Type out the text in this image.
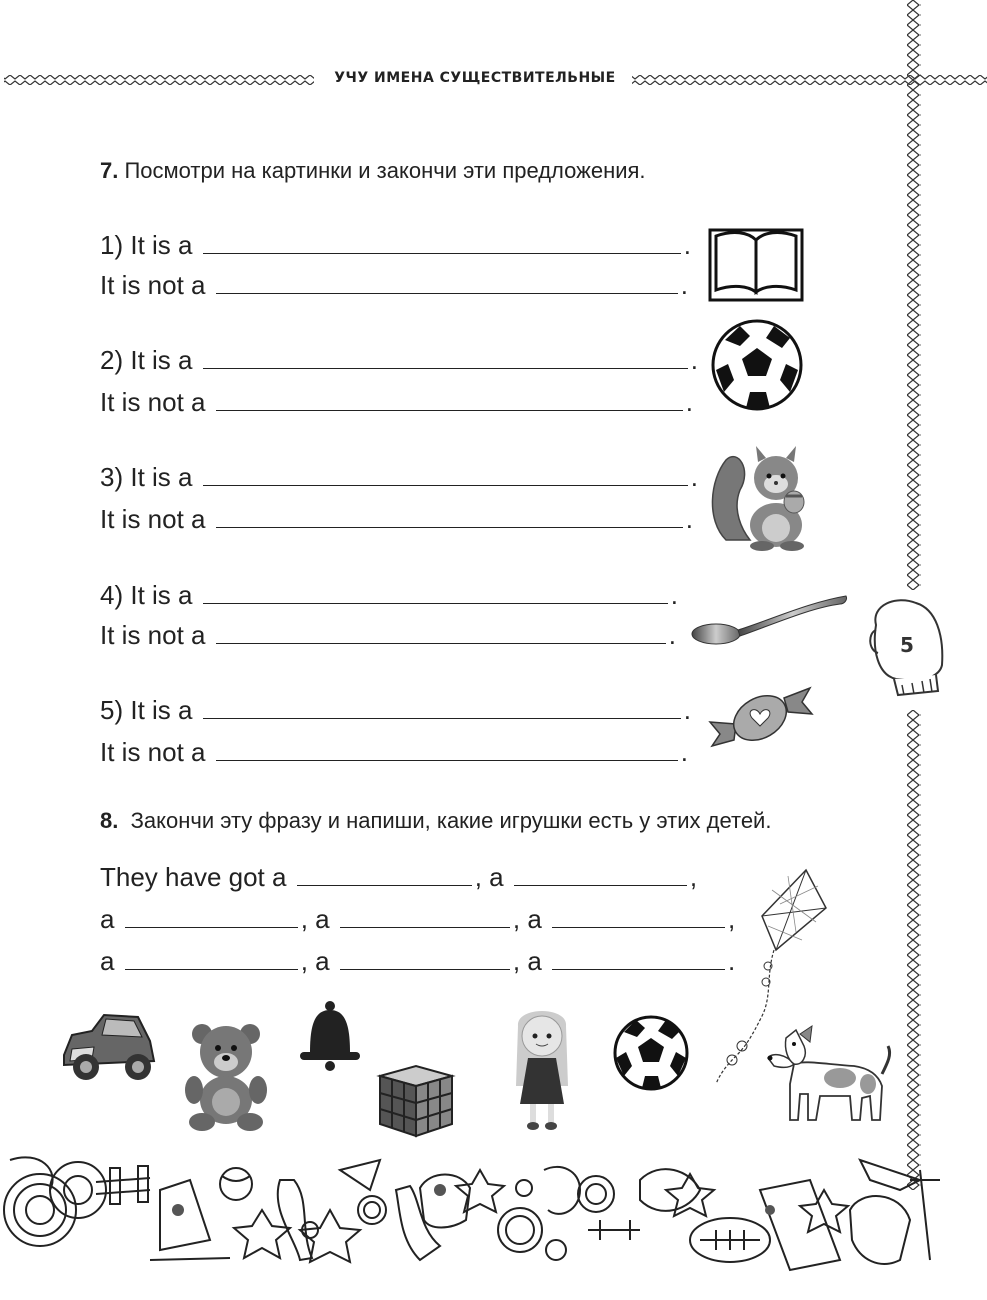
УЧУ ИМЕНА СУЩЕСТВИТЕЛЬНЫЕ
5
7. Посмотри на картинки и закончи эти предложения.
1) It is a	.
It is not a	.
2) It is a	.
It is not a	.
3) It is a	.
It is not a	.
4) It is a	.
It is not a	.
5) It is a	.
It is not a	.
8. Закончи эту фразу и напиши, какие игрушки есть у этих детей.
They have got a	, a	,
a	, a	, a	,
a	, a	, a	.
